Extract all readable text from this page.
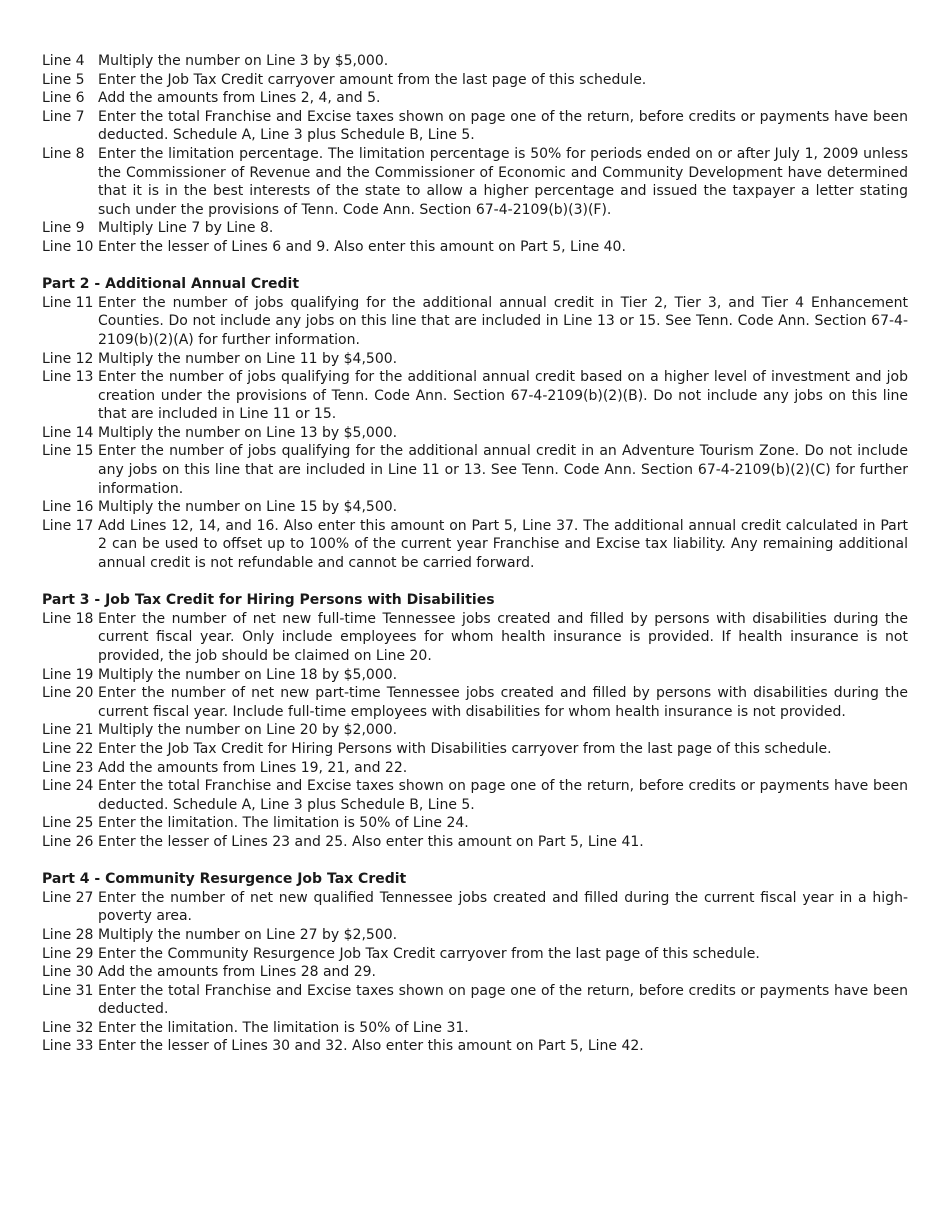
Line 4 Multiply the number on Line 3 by $5,000.
Line 5 Enter the Job Tax Credit carryover amount from the last page of this schedule.
Line 6 Add the amounts from Lines 2, 4, and 5.
Line 7 Enter the total Franchise and Excise taxes shown on page one of the return, before credits or payments have been deducted. Schedule A, Line 3 plus Schedule B, Line 5.
Line 8 Enter the limitation percentage. The limitation percentage is 50% for periods ended on or after July 1, 2009 unless the Commissioner of Revenue and the Commissioner of Economic and Community Development have determined that it is in the best interests of the state to allow a higher percentage and issued the taxpayer a letter stating such under the provisions of Tenn. Code Ann. Section 67-4-2109(b)(3)(F).
Line 9 Multiply Line 7 by Line 8.
Line 10 Enter the lesser of Lines 6 and 9. Also enter this amount on Part 5, Line 40.
Part 2 - Additional Annual Credit
Line 11 Enter the number of jobs qualifying for the additional annual credit in Tier 2, Tier 3, and Tier 4 Enhancement Counties. Do not include any jobs on this line that are included in Line 13 or 15. See Tenn. Code Ann. Section 67-4-2109(b)(2)(A) for further information.
Line 12 Multiply the number on Line 11 by $4,500.
Line 13 Enter the number of jobs qualifying for the additional annual credit based on a higher level of investment and job creation under the provisions of Tenn. Code Ann. Section 67-4-2109(b)(2)(B). Do not include any jobs on this line that are included in Line 11 or 15.
Line 14 Multiply the number on Line 13 by $5,000.
Line 15 Enter the number of jobs qualifying for the additional annual credit in an Adventure Tourism Zone. Do not include any jobs on this line that are included in Line 11 or 13. See Tenn. Code Ann. Section 67-4-2109(b)(2)(C) for further information.
Line 16 Multiply the number on Line 15 by $4,500.
Line 17 Add Lines 12, 14, and 16. Also enter this amount on Part 5, Line 37. The additional annual credit calculated in Part 2 can be used to offset up to 100% of the current year Franchise and Excise tax liability. Any remaining additional annual credit is not refundable and cannot be carried forward.
Part 3 - Job Tax Credit for Hiring Persons with Disabilities
Line 18 Enter the number of net new full-time Tennessee jobs created and filled by persons with disabilities during the current fiscal year. Only include employees for whom health insurance is provided. If health insurance is not provided, the job should be claimed on Line 20.
Line 19 Multiply the number on Line 18 by $5,000.
Line 20 Enter the number of net new part-time Tennessee jobs created and filled by persons with disabilities during the current fiscal year. Include full-time employees with disabilities for whom health insurance is not provided.
Line 21 Multiply the number on Line 20 by $2,000.
Line 22 Enter the Job Tax Credit for Hiring Persons with Disabilities carryover from the last page of this schedule.
Line 23 Add the amounts from Lines 19, 21, and 22.
Line 24 Enter the total Franchise and Excise taxes shown on page one of the return, before credits or payments have been deducted. Schedule A, Line 3 plus Schedule B, Line 5.
Line 25 Enter the limitation. The limitation is 50% of Line 24.
Line 26 Enter the lesser of Lines 23 and 25. Also enter this amount on Part 5, Line 41.
Part 4 - Community Resurgence Job Tax Credit
Line 27 Enter the number of net new qualified Tennessee jobs created and filled during the current fiscal year in a high-poverty area.
Line 28 Multiply the number on Line 27 by $2,500.
Line 29 Enter the Community Resurgence Job Tax Credit carryover from the last page of this schedule.
Line 30 Add the amounts from Lines 28 and 29.
Line 31 Enter the total Franchise and Excise taxes shown on page one of the return, before credits or payments have been deducted.
Line 32 Enter the limitation. The limitation is 50% of Line 31.
Line 33 Enter the lesser of Lines 30 and 32. Also enter this amount on Part 5, Line 42.
